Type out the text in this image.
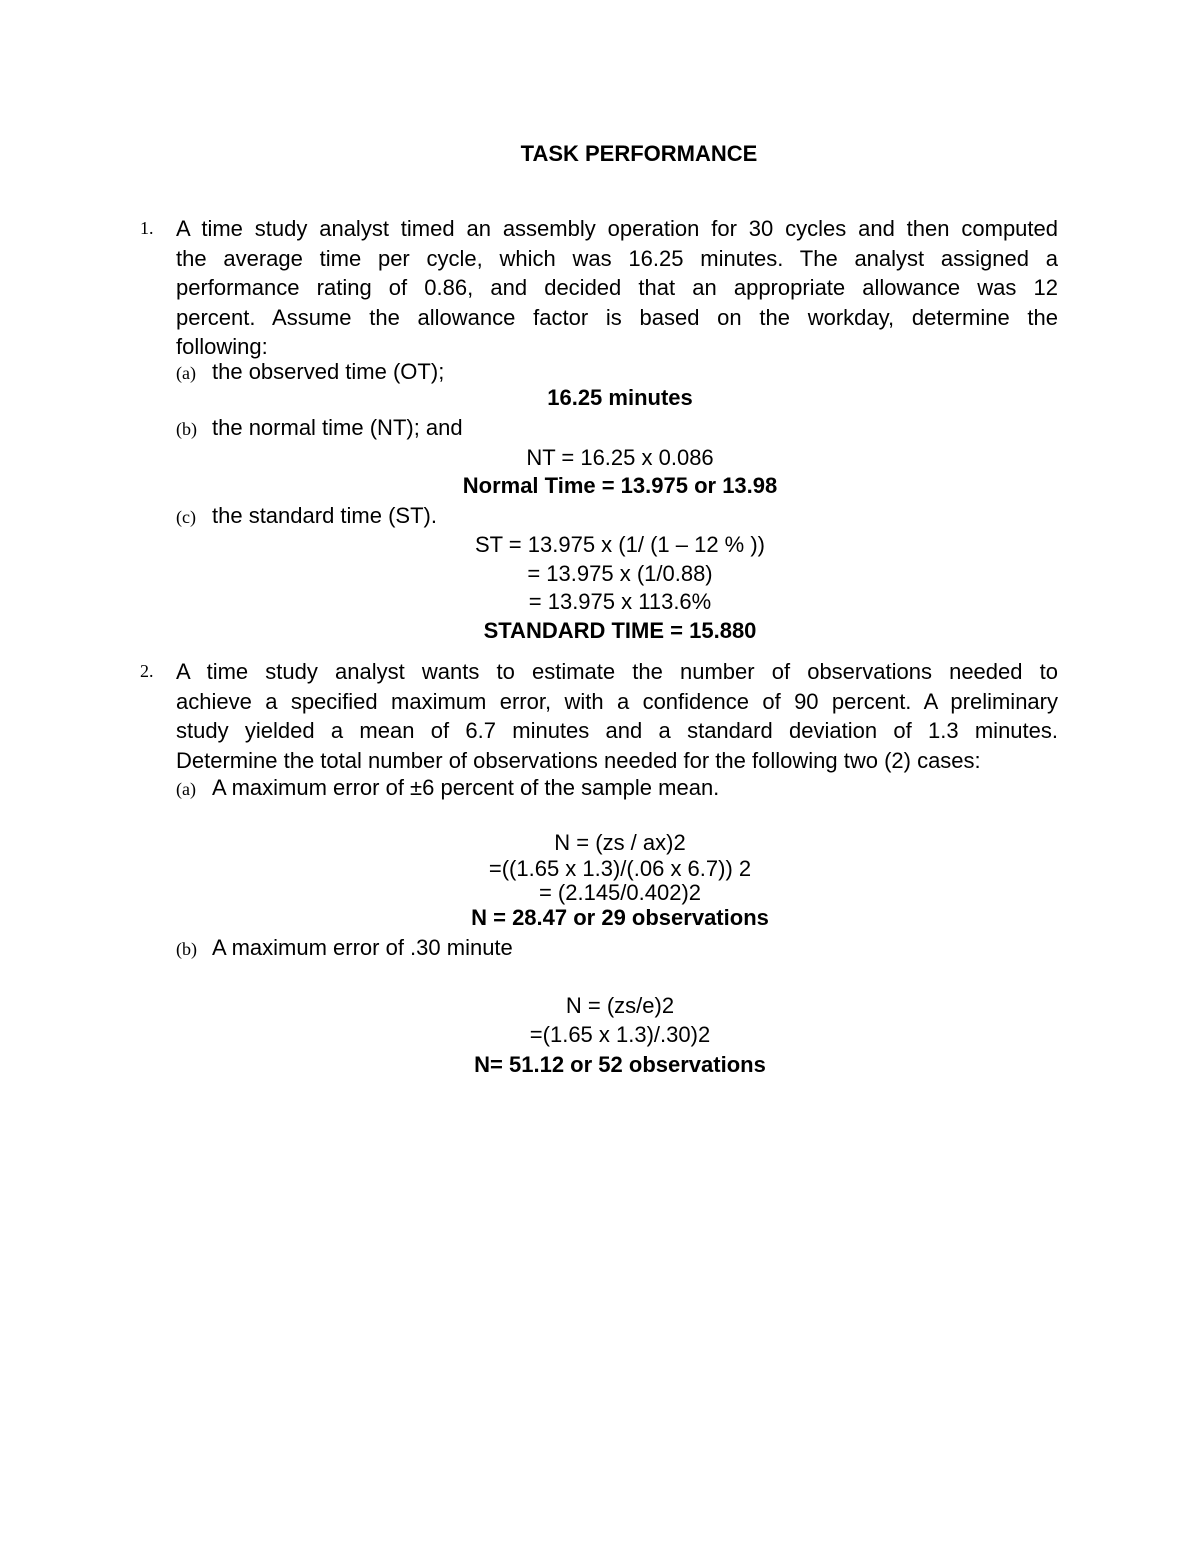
TASK PERFORMANCE
1. A time study analyst timed an assembly operation for 30 cycles and then computed
the average time per cycle, which was 16.25 minutes. The analyst assigned a
performance rating of 0.86, and decided that an appropriate allowance was 12
percent. Assume the allowance factor is based on the workday, determine the
following:
(a) the observed time (OT);
16.25 minutes
(b) the normal time (NT); and
NT = 16.25 x 0.086
Normal Time = 13.975 or 13.98
(c) the standard time (ST).
ST = 13.975 x (1/ (1 – 12 % ))
= 13.975 x (1/0.88)
= 13.975 x 113.6%
STANDARD TIME = 15.880
2. A time study analyst wants to estimate the number of observations needed to
achieve a specified maximum error, with a confidence of 90 percent. A preliminary
study yielded a mean of 6.7 minutes and a standard deviation of 1.3 minutes.
Determine the total number of observations needed for the following two (2) cases:
(a) A maximum error of ±6 percent of the sample mean.
N = (zs / ax)2
=((1.65 x 1.3)/(.06 x 6.7)) 2
= (2.145/0.402)2
N = 28.47 or 29 observations
(b) A maximum error of .30 minute
N = (zs/e)2
=(1.65 x 1.3)/.30)2
N= 51.12 or 52 observations
